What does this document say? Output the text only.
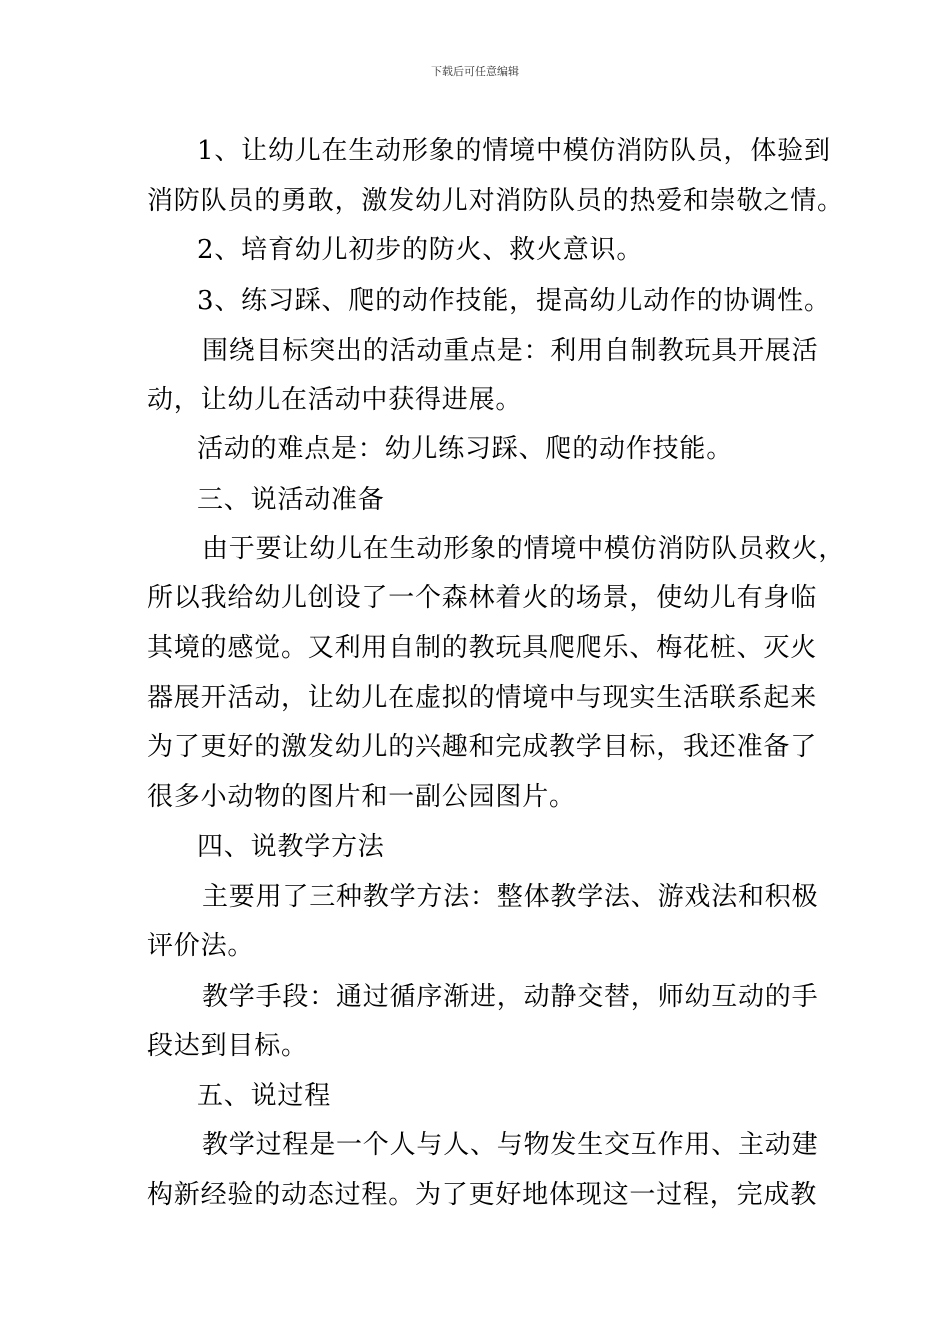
下载后可任意编辑
1、让幼儿在生动形象的情境中模仿消防队员，体验到
消防队员的勇敢，激发幼儿对消防队员的热爱和崇敬之情。
2、培育幼儿初步的防火、救火意识。
3、练习踩、爬的动作技能，提高幼儿动作的协调性。
围绕目标突出的活动重点是：利用自制教玩具开展活
动，让幼儿在活动中获得进展。
活动的难点是：幼儿练习踩、爬的动作技能。
三、说活动准备
由于要让幼儿在生动形象的情境中模仿消防队员救火，
所以我给幼儿创设了一个森林着火的场景，使幼儿有身临
其境的感觉。又利用自制的教玩具爬爬乐、梅花桩、灭火
器展开活动，让幼儿在虚拟的情境中与现实生活联系起来
为了更好的激发幼儿的兴趣和完成教学目标，我还准备了
很多小动物的图片和一副公园图片。
四、说教学方法
主要用了三种教学方法：整体教学法、游戏法和积极
评价法。
教学手段：通过循序渐进，动静交替，师幼互动的手
段达到目标。
五、说过程
教学过程是一个人与人、与物发生交互作用、主动建
构新经验的动态过程。为了更好地体现这一过程，完成教
